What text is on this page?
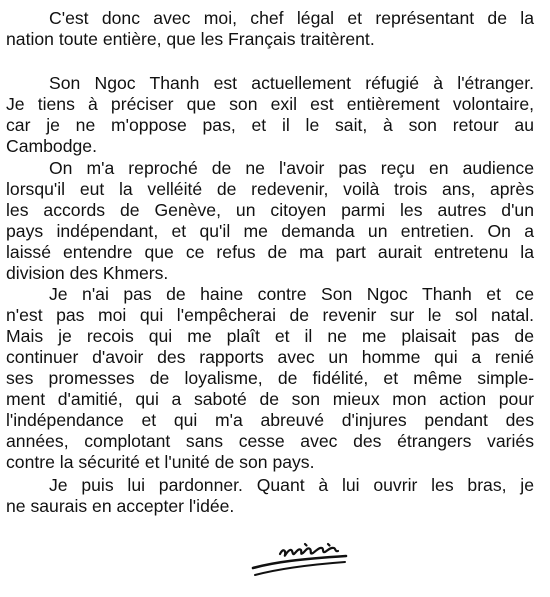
C'est donc avec moi, chef légal et représentant de la
nation toute entière, que les Français traitèrent.

Son Ngoc Thanh est actuellement réfugié à l'étranger.
Je tiens à préciser que son exil est entièrement volontaire,
car je ne m'oppose pas, et il le sait, à son retour au
Cambodge.

On m'a reproché de ne l'avoir pas reçu en audience
lorsqu'il eut la velléité de redevenir, voilà trois ans, après
les accords de Genève, un citoyen parmi les autres d'un
pays indépendant, et qu'il me demanda un entretien. On a
laissé entendre que ce refus de ma part aurait entretenu la
division des Khmers.

Je n'ai pas de haine contre Son Ngoc Thanh et ce
n'est pas moi qui l'empêcherai de revenir sur le sol natal.
Mais je recois qui me plaît et il ne me plaisait pas de
continuer d'avoir des rapports avec un homme qui a renié
ses promesses de loyalisme, de fidélité, et même simple-
ment d'amitié, qui a saboté de son mieux mon action pour
l'indépendance et qui m'a abreuvé d'injures pendant des
années, complotant sans cesse avec des étrangers variés
contre la sécurité et l'unité de son pays.

Je puis lui pardonner. Quant à lui ouvrir les bras, je
ne saurais en accepter l'idée.
